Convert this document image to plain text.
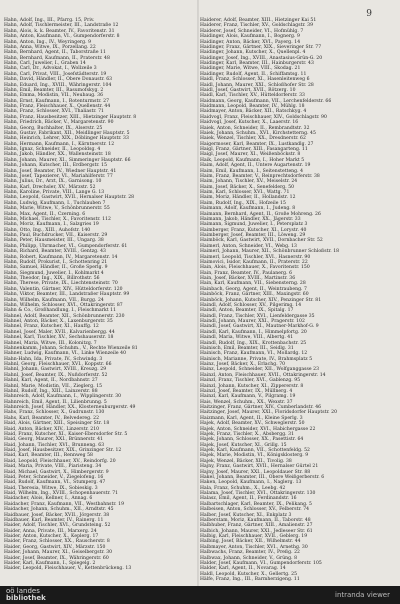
9
Hahn, Adolf, Ing., III., Pfarrg. 15, Priv.
Hahn, Adolf, Tischlermeister, III., Landstraße 12
Hahn, Alois, k. k. Beamter, IV., Favoritenstr. 31
Hahn, Anton, Kaufmann, VI., Gumpendorferstr. 8
Hahn, Anton, Ing., IV., Weyringerg. 9
Hahn, Anna, Witwe, IX., Porzellang. 22
Hahn, Bernhard, Agent, II., Taborstraße 11
Hahn, Bernhard, Kaufmann, II., Praterstr. 48
Hahn, Carl, Juwelier, I., Graben 14
Hahn, Carl, Dr., Advokat, I., Wollzeile 3
Hahn, Carl, Privat, VIII., Josefstädterstr. 19
Hahn, David, Händler, II., Obere Donaustr. 63
Hahn, Eduard, Ing., XVIII., Währingerstr. 104
Hahn, Emil, Beamter, III., Rasumofskyg. 2
Hahn, Emma, Modistin, VII., Neubaug. 36
Hahn, Ernst, Kaufmann, I., Rotenturmstr. 27
Hahn, Franz, Fleischhauer, X., Quellenstr. 44
Hahn, Franz, Schlosser, XVI., Thaliastr. 71
Hahn, Franz, Hausbesitzer, XIII., Hietzinger Hauptstr. 8
Hahn, Friedrich, Bäcker, V., Margaretenstr. 90
Hahn, Georg, Buchhalter, IX., Alserstr. 25
Hahn, Gustav, Fabrikant, XII., Meidlinger Hauptstr. 5
Hahn, Heinrich, Lehrer, XIX., Döblinger Hauptstr. 33
Hahn, Hermann, Kaufmann, I., Kärntnerstr. 12
Hahn, Ignaz, Schneider, II., Leopoldsg. 4
Hahn, Jakob, Händler, XX., Wallensteinstr. 18
Hahn, Johann, Maurer, XI., Simmeringer Hauptstr. 66
Hahn, Johann, Kutscher, III., Erdbergstr. 15
Hahn, Josef, Beamter, IV., Wiedner Hauptstr. 41
Hahn, Josef, Tapezierer, VI., Mariahilferstr. 77
Hahn, Julius, Dr., Arzt, IX., Garnisong. 10
Hahn, Karl, Drechsler, XV., Märzstr. 52
Hahn, Karoline, Private, VIII., Lange G. 13
Hahn, Leopold, Gastwirt, XVII., Hernalser Hauptstr. 28
Hahn, Ludwig, Kaufmann, I., Tuchlauben 7
Hahn, Marie, Witwe, V., Schönbrunnerstr. 55
Hahn, Max, Agent, II., Czerning. 6
Hahn, Michael, Tischler, X., Favoritenstr. 112
Hahn, Moriz, Kaufmann, I., Salzgries 19
Hahn, Otto, Ing., XIII., Auhofstr. 140
Hahn, Paul, Buchdrucker, VII., Kaiserstr. 29
Hahn, Peter, Hausmeister, III., Ungarg. 38
Hahn, Philipp, Uhrmacher, VI., Gumpendorferstr. 61
Hahn, Richard, Beamter, XVIII., Gentzg. 43
Hahn, Robert, Kaufmann, IV., Margaretenstr. 14
Hahn, Rudolf, Prokurist, I., Schottenring 21
Hahn, Samuel, Händler, II., Große Sperlg. 9
Hahn, Siegmund, Juwelier, I., Kohlmarkt 4
Hahn, Theodor, Ing., XIX., Billrothstr. 56
Hahn, Therese, Private, IX., Liechtensteinstr. 70
Hahn, Valentin, Gärtner, XIV., Hütteldorferstr. 120
Hahn, Viktor, Beamter, III., Landstraßer Hauptstr. 99
Hahn, Wilhelm, Kaufmann, VII., Burgg. 24
Hahn, Wilhelm, Schlosser, XVI., Ottakringerstr. 87
Hahn & Co., Großhandlung, I., Fleischmarkt 11
Hahnel, Adolf, Beamter, XII., Schönbrunnerstr. 230
Hahnel, Anton, Bäcker, X., Laxenburgerstr. 35
Hahnel, Franz, Kutscher, XI., Hauffg. 12
Hahnel, Josef, Maler, XVII., Kalvarienbergg. 44
Hahnel, Karl, Tischler, XV., Sechshauserstr. 18
Hahnel, Maria, Witwe, III., Kolonitzg. 7
Hahnenkamm, Johann, Schuhm., V., Rechte Wienzeile 81
Hahner, Ludwig, Kaufmann, VI., Linke Wienzeile 40
Hahn-Hahn, Ida, Private, IV., Schwindg. 3
Hahnl, Georg, Fleischhauer, XVI., Koppstr. 66
Hahnl, Johann, Gastwirt, XVIII., Kreuzg. 29
Hahnl, Josef, Beamter, IX., Nußdorferstr. 52
Hahnl, Karl, Agent, II., Nordbahnstr. 27
Hahnl, Marie, Modistin, VII., Zieglerg. 15
Hahnl, Rudolf, Ing., XIII., Lainzerstr. 88
Hahnreich, Adolf, Kaufmann, I., Wipplingerstr. 30
Hahnreich, Emil, Agent, II., Lilienbrunng. 5
Hahnreich, Josef, Händler, XX., Klosterneuburgerstr. 49
Hahs, Franz, Schlosser, X., Gudrunstr. 130
Hahs, Karl, Beamter, IV., Belvedereg. 22
Haid, Alois, Gärtner, XIII., Speisinger Str. 18
Haid, Anton, Bäcker, XIV., Linzerstr. 210
Haid, Franz, Kutscher, XI., Kaiser-Ebersdorfer Str. 5
Haid, Georg, Maurer, XXI., Brünnerstr. 41
Haid, Johann, Tischler, XVI., Brunneng. 63
Haid, Josef, Hausbesitzer, XIX., Grinzinger Str. 12
Haid, Karl, Beamter, III., Rennweg 58
Haid, Leopold, Fleischhauer, XV., Reindorfg. 20
Haid, Maria, Private, VIII., Piaristeng. 34
Haid, Michael, Gastwirt, X., Himbergerstr. 9
Haid, Peter, Schneider, V., Ziegelofeng. 16
Haid, Rudolf, Kaufmann, VI., Stumperg. 47
Haid, Theresia, Witwe, IX., Sobieskig. 3
Haid, Wilhelm, Ing., XVIII., Schopenhauerstr. 71
Haidacher, Alois, Kellner, I., Annag. 6
Haidacher, Franz, Kaufmann, VII., Westbahnstr. 19
Haidacher, Johann, Schuhm., XII., Arndtstr. 45
Haidbauer, Josef, Bäcker, XVII., Jörgerstr. 38
Haidbauer, Karl, Beamter, IV., Rainerg. 11
Haider, Adolf, Tischler, XVI., Grundsteing. 52
Haider, Anna, Private, III., Marxerg. 24
Haider, Anton, Kutscher, X., Keplerg. 17
Haider, Franz, Schlosser, XX., Rauscherstr. 8
Haider, Georg, Gastwirt, XIV., Märzstr. 150
Haider, Johann, Maurer, XI., Geiselbergstr. 30
Haider, Josef, Beamter, IX., Währingerstr. 60
Haider, Karl, Kaufmann, I., Spiegelg. 2
Haider, Leopold, Fleischhauer, V., Kettenbrückeng. 13
Haiderer, Adolf, Beamter, XIII., Hietzinger Kai 51
Haiderer, Franz, Tischler, XV., Goldschlagstr. 39
Haiderer, Josef, Schneider, VI., Hofmühlg. 7
Haidinger, Alois, Kaufmann, I., Bognerg. 9
Haidinger, Anton, Bäcker, XVI., Payerg. 14
Haidinger, Franz, Gärtner, XIX., Sieveringer Str. 77
Haidinger, Johann, Kutscher, X., Quellenpl. 4
Haidinger, Josef, Ing., XVIII., Anastasius-Grün-G. 20
Haidinger, Karl, Beamter, III., Hainburgerstr. 43
Haidinger, Marie, Witwe, VIII., Skodag. 21
Haidinger, Rudolf, Agent, II., Schiffamtsg. 11
Haidl, Franz, Schlosser, XI., Hasenleitenweg 6
Haidl, Johann, Maurer, XXI., Schloßhofer Str. 28
Haidl, Josef, Gastwirt, XVII., Rötzerg. 10
Haidl, Karl, Tischler, XV., Hütteldorferstr. 33
Haidmann, Georg, Kaufmann, VII., Lerchenfelderstr. 66
Haidmann, Leopold, Beamter, IV., Mühlg. 18
Haidmayer, Anton, Bäcker, XII., Ratschkyg. 4
Haidvogl, Franz, Fleischhauer, XIV., Goldschlagstr. 90
Haidvogl, Josef, Kutscher, X., Laaerstr. 16
Haiek, Anton, Schneider, II., Rembrandtstr. 32
Haiek, Johann, Schuhm., XVI., Kirchstetterng. 45
Haiek, Wenzel, Tischler, XX., Dresdnerstr. 62
Haigermoser, Karl, Beamter, IX., Lustkandlg. 27
Haigl, Franz, Gärtner, XIII., Fasangarteng. 11
Haigl, Josef, Maurer, XI., Weißenböckstr. 8
Haik, Leopold, Kaufmann, I., Hoher Markt 5
Haim, Adolf, Agent, II., Untere Augartenstr. 19
Haim, Emil, Kaufmann, I., Seitenstetteng. 4
Haim, Franz, Beamter, V., Reinprechtsdorferstr. 38
Haim, Johann, Tischler, XV., Meiselstr. 24
Haim, Josef, Bäcker, X., Senefelderg. 50
Haim, Karl, Schlosser, XVI., Wattg. 71
Haim, Moriz, Händler, II., Hollandstr. 12
Haim, Rudolf, Ing., XIX., Hofzeile 15
Haimann, Adolf, Kaufmann, I., Judeng. 8
Haimann, Bernhard, Agent, II., Große Mohreng. 26
Haimann, Jakob, Händler, XX., Jägerstr. 33
Haimann, Sigmund, Juwelier, I., Petersplatz 3
Haimberger, Franz, Kutscher, XI., Lorystr. 40
Haimberger, Josef, Beamter, III., Löweng. 29
Haimböck, Karl, Gastwirt, XVII., Dornbacher Str. 52
Haimerl, Anton, Schneider, VI., Webg. 13
Haimerl, Johann, Maurer, XII., Schönbrunner Schloßstr. 18
Haimerl, Leopold, Tischler, XVI., Hasnerstr. 90
Haimovici, Isidor, Kaufmann, II., Praterstr. 22
Hain, Alois, Fleischhauer, X., Favoritenstr. 150
Hain, Franz, Beamter, IV., Paulanerg. 6
Hain, Josef, Bäcker, XVIII., Martinstr. 36
Hain, Karl, Kaufmann, VII., Siebensterng. 28
Hainbach, Georg, Agent, II., Weintraubeng. 7
Hainböck, Franz, Gärtner, XIII., Maxingstr. 60
Hainböck, Johann, Kutscher, XIV., Penzinger Str. 81
Haindl, Adolf, Schlosser, XV., Pilgerimg. 14
Haindl, Anton, Beamter, IX., Spitalg. 17
Haindl, Franz, Tischler, XVI., Lienfeldergasse 35
Haindl, Johann, Maurer, XXI., Pragerstr. 102
Haindl, Josef, Gastwirt, XI., Mautner-Markhof-G. 9
Haindl, Karl, Kaufmann, I., Himmelpfortg. 20
Haindl, Maria, Witwe, VIII., Albertg. 41
Haindl, Rudolf, Ing., XIX., Krottenbachstr. 25
Hainisch, Emil, Beamter, III., Seidlg. 31
Hainisch, Franz, Kaufmann, VI., Mollardg. 12
Hainisch, Marianne, Private, IV., Brahmsplatz 5
Hainz, Josef, Bäcker, X., Erlachg. 70
Hainz, Leopold, Schneider, XII., Wolfganggasse 23
Hainzl, Anton, Fleischhauer, XVII., Ottakringerstr. 14
Hainzl, Franz, Tischler, XVI., Gablenzg. 95
Hainzl, Johann, Kutscher, XI., Zippererstr. 8
Hainzl, Josef, Beamter, IX., Müllnerg. 4
Hainzl, Karl, Kaufmann, V., Pilgramg. 19
Hais, Wenzel, Schuhm., XX., Wexstr. 37
Haitzinger, Franz, Gärtner, XIV., Cumberlandstr. 46
Haitzinger, Josef, Maurer, XXI., Floridsdorfer Hauptstr. 20
Haizmann, Karl, Agent, II., Kleine Sperlg. 3
Hajek, Adolf, Beamter, XV., Schweglerstr. 50
Hajek, Anton, Schneider, XVI., Habichergasse 22
Hajek, Franz, Tischler, X., Absbergg. 31
Hajek, Johann, Schlosser, XX., Pasettistr. 64
Hajek, Josef, Kutscher, XI., Grillg. 15
Hajek, Karl, Kaufmann, VII., Schottenfeldg. 52
Hajek, Marie, Modistin, VI., Königsklosterg. 9
Hajek, Wenzel, Bäcker, XII., Tivolig. 38
Hajny, Franz, Gastwirt, XVII., Hernalser Gürtel 21
Hajny, Josef, Maurer, XXI., Leopoldauer Str. 88
Hakel, Johann, Beamter, III., Obere Weißgerberstr. 6
Haken, Leopold, Kaufmann, I., Naglerg. 13
Hala, Franz, Schuhm., X., Leebg. 42
Halama, Josef, Tischler, XVI., Ottakringerstr. 130
Halasz, Emil, Agent, II., Ferdinandstr. 16
Halbartschlager, Karl, Beamter, IX., Pelikang. 5
Halbeisen, Anton, Schlosser, XV., Felberstr. 74
Halber, Josef, Kutscher, XI., Enkplatz 3
Halberstam, Moriz, Kaufmann, II., Taborstr. 48
Halbhuber, Franz, Gärtner, XIII., Amalienstr. 27
Halbich, Johann, Maurer, XXI., Jedleseer Str. 61
Halbig, Karl, Fleischhauer, XVII., Geblerg. 19
Halbing, Josef, Bäcker, XII., Wilhelmstr. 44
Halbmayer, Anton, Tischler, XVI., Arnethg. 30
Halbwachs, Franz, Beamter, IV., Preßg. 22
Halbwax, Johann, Schneider, V., Grüng. 8
Halder, Josef, Kaufmann, VI., Gumpendorferstr. 105
Halder, Karl, Agent, II., Novarag. 14
Haldl, Leopold, Kutscher, X., Gellertg. 25
Hälfe, Franz, Ing., III., Barmherzigeng. 11
oö landes
bibliothek	intranda viewer
